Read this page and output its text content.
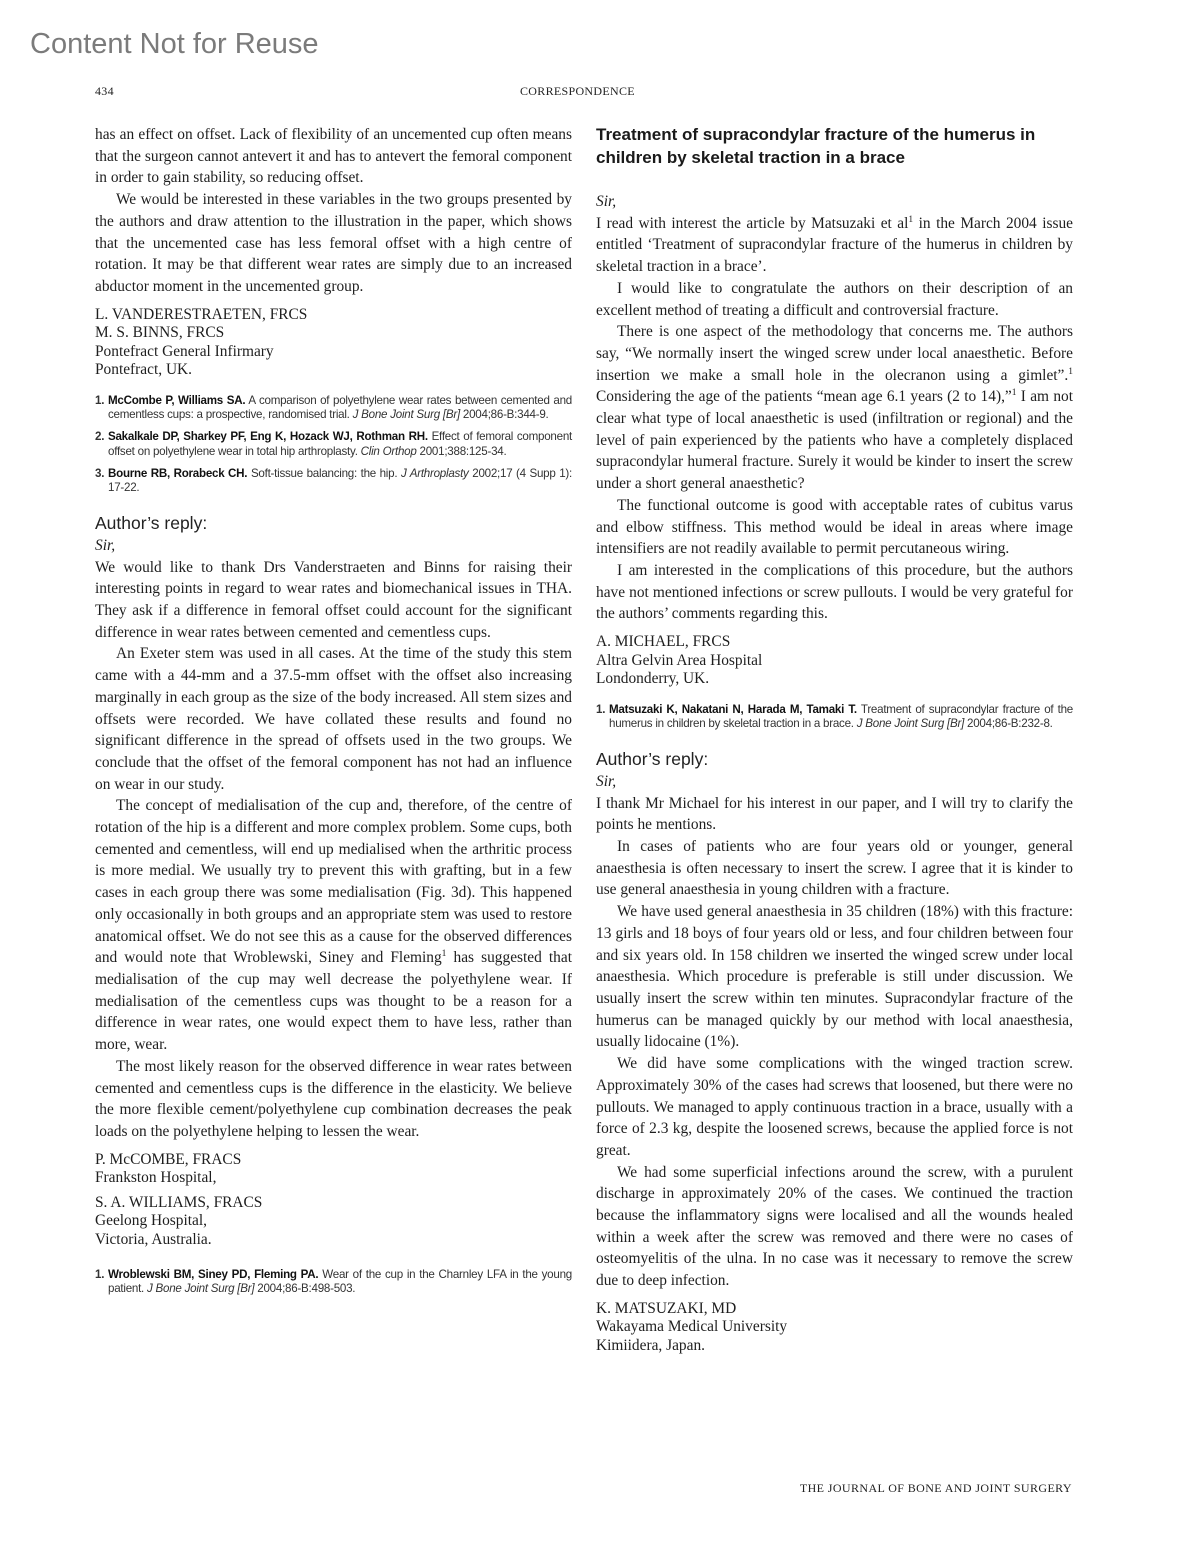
Content Not for Reuse
434	CORRESPONDENCE

has an effect on offset. Lack of flexibility of an uncemented cup often means that the surgeon cannot antevert it and has to antevert the femoral component in order to gain stability, so reducing offset.

We would be interested in these variables in the two groups presented by the authors and draw attention to the illustration in the paper, which shows that the uncemented case has less femoral offset with a high centre of rotation. It may be that different wear rates are simply due to an increased abductor moment in the uncemented group.

L. VANDERESTRAETEN, FRCS
M. S. BINNS, FRCS
Pontefract General Infirmary
Pontefract, UK.
1. McCombe P, Williams SA. A comparison of polyethylene wear rates between cemented and cementless cups: a prospective, randomised trial. J Bone Joint Surg [Br] 2004;86-B:344-9.
2. Sakalkale DP, Sharkey PF, Eng K, Hozack WJ, Rothman RH. Effect of femoral component offset on polyethylene wear in total hip arthroplasty. Clin Orthop 2001;388:125-34.
3. Bourne RB, Rorabeck CH. Soft-tissue balancing: the hip. J Arthroplasty 2002;17 (4 Supp 1): 17-22.
Author’s reply:

Sir,

We would like to thank Drs Vanderstraeten and Binns for raising their interesting points in regard to wear rates and biomechanical issues in THA. They ask if a difference in femoral offset could account for the significant difference in wear rates between cemented and cementless cups.

An Exeter stem was used in all cases. At the time of the study this stem came with a 44-mm and a 37.5-mm offset with the offset also increasing marginally in each group as the size of the body increased. All stem sizes and offsets were recorded. We have collated these results and found no significant difference in the spread of offsets used in the two groups. We conclude that the offset of the femoral component has not had an influence on wear in our study.

The concept of medialisation of the cup and, therefore, of the centre of rotation of the hip is a different and more complex problem. Some cups, both cemented and cementless, will end up medialised when the arthritic process is more medial. We usually try to prevent this with grafting, but in a few cases in each group there was some medialisation (Fig. 3d). This happened only occasionally in both groups and an appropriate stem was used to restore anatomical offset. We do not see this as a cause for the observed differences and would note that Wroblewski, Siney and Fleming$^1$ has suggested that medialisation of the cup may well decrease the polyethylene wear. If medialisation of the cementless cups was thought to be a reason for a difference in wear rates, one would expect them to have less, rather than more, wear.

The most likely reason for the observed difference in wear rates between cemented and cementless cups is the difference in the elasticity. We believe the more flexible cement/polyethylene cup combination decreases the peak loads on the polyethylene helping to lessen the wear.

P. McCOMBE, FRACS
Frankston Hospital,
S. A. WILLIAMS, FRACS
Geelong Hospital,
Victoria, Australia.
1. Wroblewski BM, Siney PD, Fleming PA. Wear of the cup in the Charnley LFA in the young patient. J Bone Joint Surg [Br] 2004;86-B:498-503.
Treatment of supracondylar fracture of the humerus in children by skeletal traction in a brace

Sir,

I read with interest the article by Matsuzaki et $al^1$ in the March 2004 issue entitled ‘Treatment of supracondylar fracture of the humerus in children by skeletal traction in a brace’.

I would like to congratulate the authors on their description of an excellent method of treating a difficult and controversial fracture.

There is one aspect of the methodology that concerns me. The authors say, “We normally insert the winged screw under local anaesthetic. Before insertion we make a small hole in the olecranon using a gimlet”.$^1$ Considering the age of the patients “mean age 6.1 years (2 to 14),”$^1$ I am not clear what type of local anaesthetic is used (infiltration or regional) and the level of pain experienced by the patients who have a completely displaced supracondylar humeral fracture. Surely it would be kinder to insert the screw under a short general anaesthetic?

The functional outcome is good with acceptable rates of cubitus varus and elbow stiffness. This method would be ideal in areas where image intensifiers are not readily available to permit percutaneous wiring.

I am interested in the complications of this procedure, but the authors have not mentioned infections or screw pullouts. I would be very grateful for the authors’ comments regarding this.

A. MICHAEL, FRCS
Altra Gelvin Area Hospital
Londonderry, UK.
1. Matsuzaki K, Nakatani N, Harada M, Tamaki T. Treatment of supracondylar fracture of the humerus in children by skeletal traction in a brace. J Bone Joint Surg [Br] 2004;86-B:232-8.
Author’s reply:

Sir,

I thank Mr Michael for his interest in our paper, and I will try to clarify the points he mentions.

In cases of patients who are four years old or younger, general anaesthesia is often necessary to insert the screw. I agree that it is kinder to use general anaesthesia in young children with a fracture.

We have used general anaesthesia in 35 children (18%) with this fracture: 13 girls and 18 boys of four years old or less, and four children between four and six years old. In 158 children we inserted the winged screw under local anaesthesia. Which procedure is preferable is still under discussion. We usually insert the screw within ten minutes. Supracondylar fracture of the humerus can be managed quickly by our method with local anaesthesia, usually lidocaine (1%).

We did have some complications with the winged traction screw. Approximately 30% of the cases had screws that loosened, but there were no pullouts. We managed to apply continuous traction in a brace, usually with a force of 2.3 kg, despite the loosened screws, because the applied force is not great.

We had some superficial infections around the screw, with a purulent discharge in approximately 20% of the cases. We continued the traction because the inflammatory signs were localised and all the wounds healed within a week after the screw was removed and there were no cases of osteomyelitis of the ulna. In no case was it necessary to remove the screw due to deep infection.

K. MATSUZAKI, MD
Wakayama Medical University
Kimiidera, Japan.
THE JOURNAL OF BONE AND JOINT SURGERY
